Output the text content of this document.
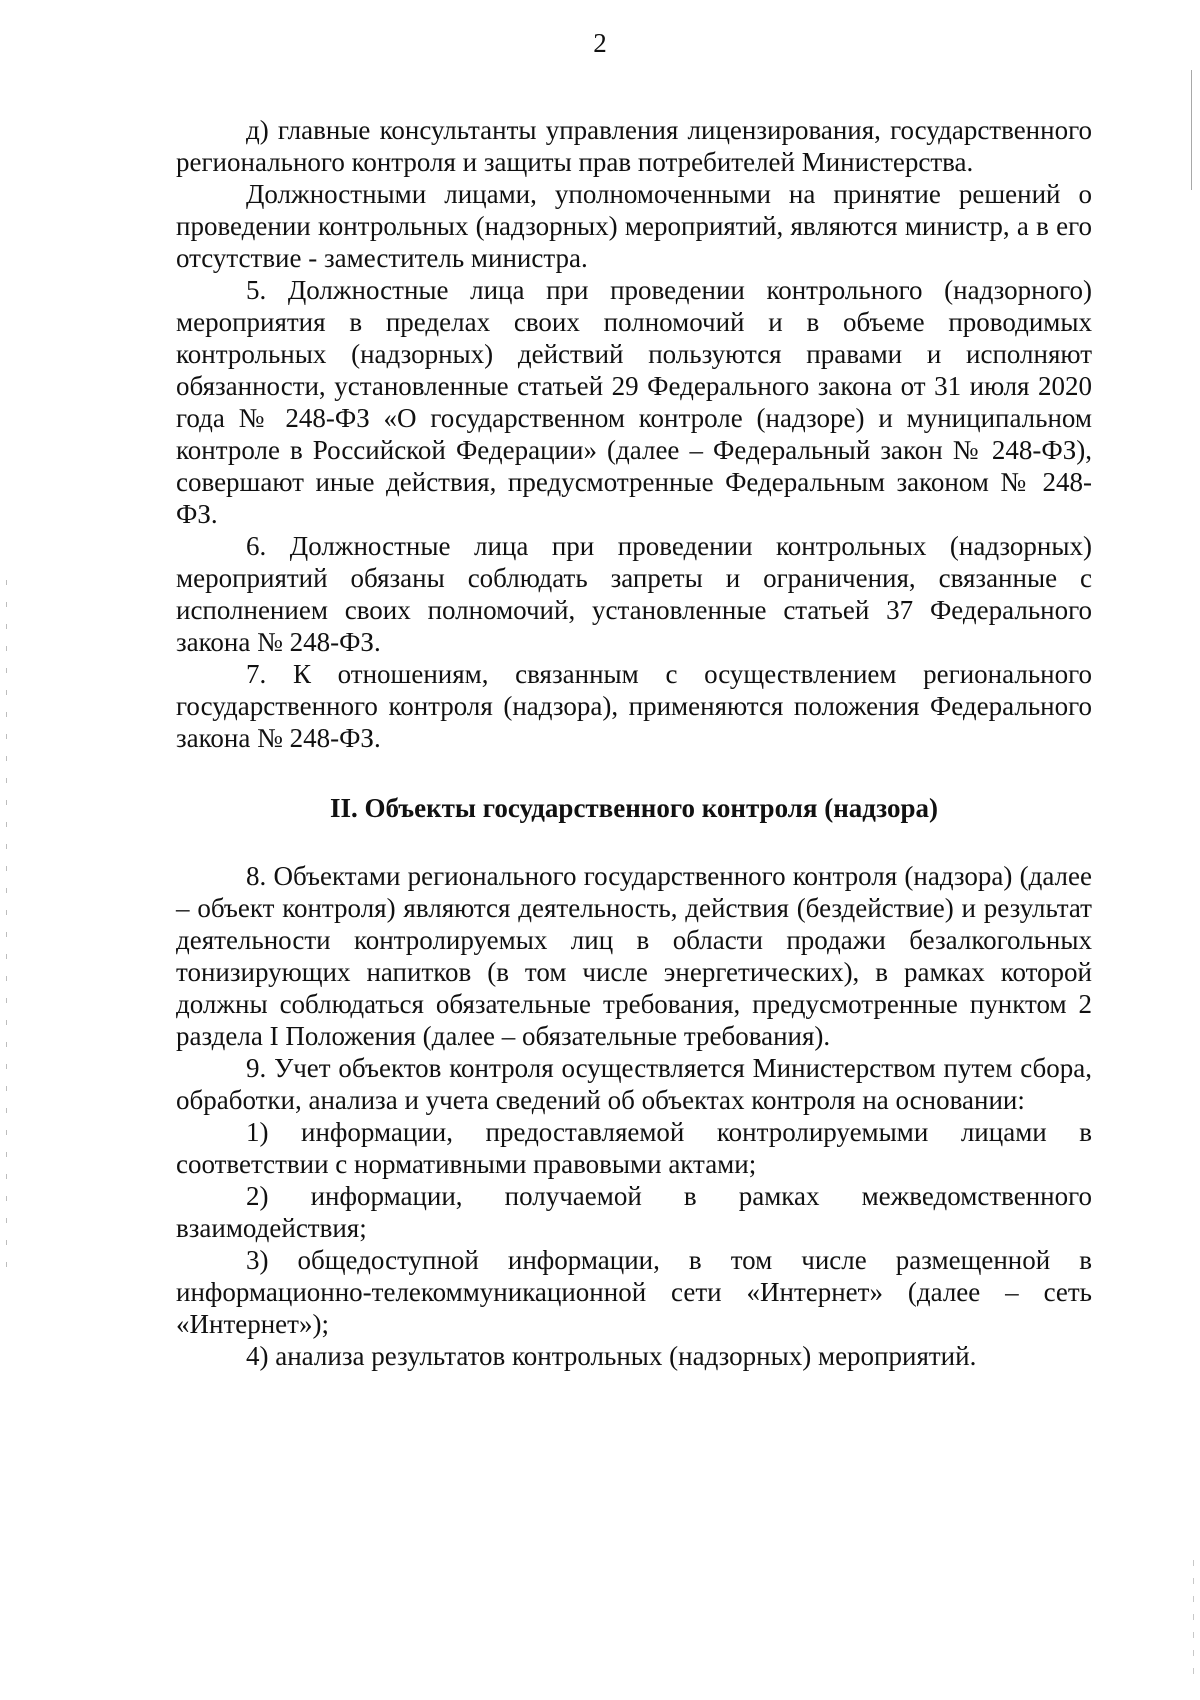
2

д) главные консультанты управления лицензирования, государственного регионального контроля и защиты прав потребителей Министерства.

Должностными лицами, уполномоченными на принятие решений о проведении контрольных (надзорных) мероприятий, являются министр, а в его отсутствие - заместитель министра.

5. Должностные лица при проведении контрольного (надзорного) мероприятия в пределах своих полномочий и в объеме проводимых контрольных (надзорных) действий пользуются правами и исполняют обязанности, установленные статьей 29 Федерального закона от 31 июля 2020 года № 248-ФЗ «О государственном контроле (надзоре) и муниципальном контроле в Российской Федерации» (далее – Федеральный закон № 248-ФЗ), совершают иные действия, предусмотренные Федеральным законом № 248-ФЗ.

6. Должностные лица при проведении контрольных (надзорных) мероприятий обязаны соблюдать запреты и ограничения, связанные с исполнением своих полномочий, установленные статьей 37 Федерального закона № 248-ФЗ.

7. К отношениям, связанным с осуществлением регионального государственного контроля (надзора), применяются положения Федерального закона № 248-ФЗ.

II. Объекты государственного контроля (надзора)

8. Объектами регионального государственного контроля (надзора) (далее – объект контроля) являются деятельность, действия (бездействие) и результат деятельности контролируемых лиц в области продажи безалкогольных тонизирующих напитков (в том числе энергетических), в рамках которой должны соблюдаться обязательные требования, предусмотренные пунктом 2 раздела I Положения (далее – обязательные требования).

9. Учет объектов контроля осуществляется Министерством путем сбора, обработки, анализа и учета сведений об объектах контроля на основании:

1) информации, предоставляемой контролируемыми лицами в соответствии с нормативными правовыми актами;

2) информации, получаемой в рамках межведомственного взаимодействия;

3) общедоступной информации, в том числе размещенной в информационно-телекоммуникационной сети «Интернет» (далее – сеть «Интернет»);

4) анализа результатов контрольных (надзорных) мероприятий.
